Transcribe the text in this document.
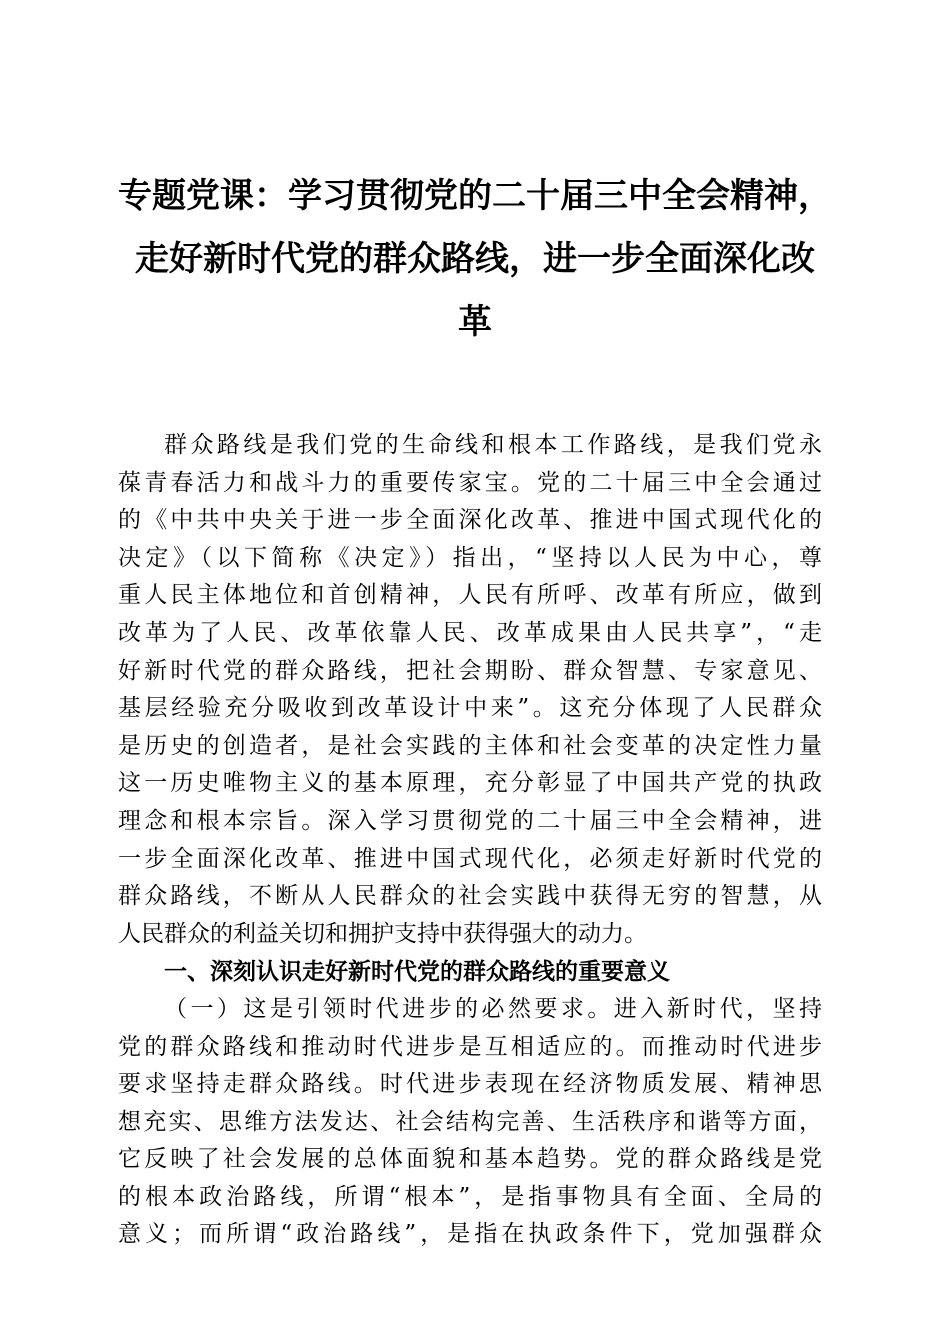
专题党课：学习贯彻党的二十届三中全会精神，
走好新时代党的群众路线，进一步全面深化改
革
群众路线是我们党的生命线和根本工作路线，是我们党永
葆青春活力和战斗力的重要传家宝。党的二十届三中全会通过
的《中共中央关于进一步全面深化改革、推进中国式现代化的
决定》（以下简称《决定》）指出，“坚持以人民为中心，尊
重人民主体地位和首创精神，人民有所呼、改革有所应，做到
改革为了人民、改革依靠人民、改革成果由人民共享”，“走
好新时代党的群众路线，把社会期盼、群众智慧、专家意见、
基层经验充分吸收到改革设计中来”。这充分体现了人民群众
是历史的创造者，是社会实践的主体和社会变革的决定性力量
这一历史唯物主义的基本原理，充分彰显了中国共产党的执政
理念和根本宗旨。深入学习贯彻党的二十届三中全会精神，进
一步全面深化改革、推进中国式现代化，必须走好新时代党的
群众路线，不断从人民群众的社会实践中获得无穷的智慧，从
人民群众的利益关切和拥护支持中获得强大的动力。
一、深刻认识走好新时代党的群众路线的重要意义
（一）这是引领时代进步的必然要求。进入新时代，坚持
党的群众路线和推动时代进步是互相适应的。而推动时代进步
要求坚持走群众路线。时代进步表现在经济物质发展、精神思
想充实、思维方法发达、社会结构完善、生活秩序和谐等方面，
它反映了社会发展的总体面貌和基本趋势。党的群众路线是党
的根本政治路线，所谓“根本”，是指事物具有全面、全局的
意义；而所谓“政治路线”，是指在执政条件下，党加强群众
